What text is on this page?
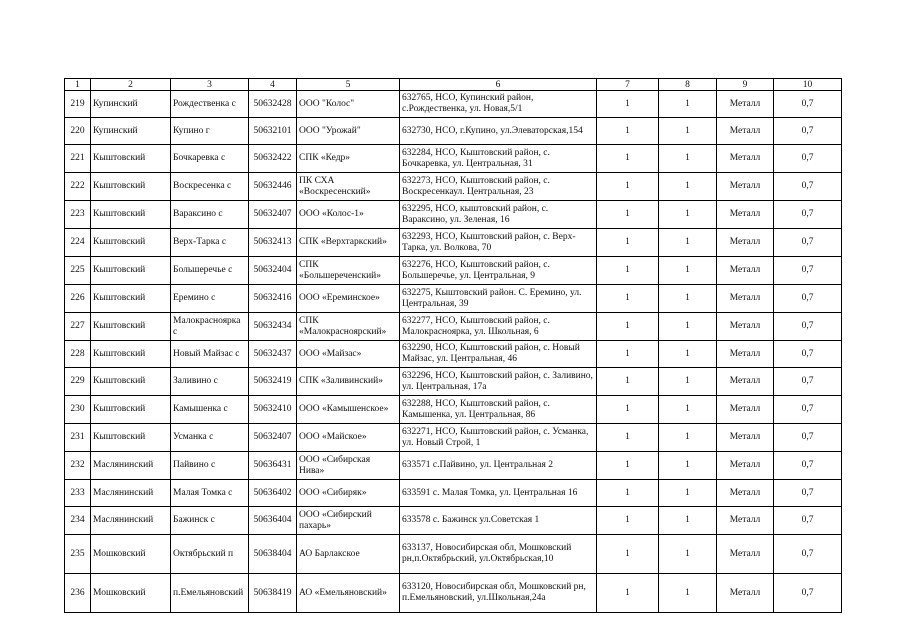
1	2	3	4	5	6	7	8	9	10
219	Купинский	Рождественка с	50632428	ООО "Колос"	632765, НСО, Купинский район, с.Рождественка, ул. Новая,5/1	1	1	Металл	0,7
220	Купинский	Купино г	50632101	ООО "Урожай"	632730, НСО, г.Купино, ул.Элеваторская,154	1	1	Металл	0,7
221	Кыштовский	Бочкаревка с	50632422	СПК «Кедр»	632284, НСО, Кыштовский район, с. Бочкаревка, ул. Центральная, 31	1	1	Металл	0,7
222	Кыштовский	Воскресенка с	50632446	ПК СХА «Воскресенский»	632273, НСО, Кыштовский район, с. Воскресенкаул. Центральная, 23	1	1	Металл	0,7
223	Кыштовский	Вараксино с	50632407	ООО «Колос-1»	632295, НСО, кыштовский район, с. Вараксино, ул. Зеленая, 16	1	1	Металл	0,7
224	Кыштовский	Верх-Тарка с	50632413	СПК «Верхтаркский»	632293, НСО, Кыштовский район, с. Верх-Тарка, ул. Волкова, 70	1	1	Металл	0,7
225	Кыштовский	Большеречье с	50632404	СПК «Большереченский»	632276, НСО, Кыштовский район, с. Большеречье, ул. Центральная, 9	1	1	Металл	0,7
226	Кыштовский	Еремино с	50632416	ООО «Ереминское»	632275, Кыштовский район. С. Еремино, ул. Центральная, 39	1	1	Металл	0,7
227	Кыштовский	Малокрасноярка с	50632434	СПК «Малокрасноярский»	632277, НСО, Кыштовский район, с. Малокрасноярка, ул. Школьная, 6	1	1	Металл	0,7
228	Кыштовский	Новый Майзас с	50632437	ООО «Майзас»	632290, НСО, Кыштовский район, с. Новый Майзас, ул. Центральная, 46	1	1	Металл	0,7
229	Кыштовский	Заливино с	50632419	СПК «Заливинский»	632296, НСО, Кыштовский район, с. Заливино, ул. Центральная, 17а	1	1	Металл	0,7
230	Кыштовский	Камышенка с	50632410	ООО «Камышенское»	632288, НСО, Кыштовский район, с. Камышенка, ул. Центральная, 86	1	1	Металл	0,7
231	Кыштовский	Усманка с	50632407	ООО «Майское»	632271, НСО, Кыштовский район, с. Усманка, ул. Новый Строй, 1	1	1	Металл	0,7
232	Маслянинский	Пайвино с	50636431	ООО «Сибирская Нива»	633571 с.Пайвино, ул. Центральная 2	1	1	Металл	0,7
233	Маслянинский	Малая Томка с	50636402	ООО «Сибиряк»	633591 с. Малая Томка, ул. Центральная 16	1	1	Металл	0,7
234	Маслянинский	Бажинск с	50636404	ООО «Сибирский пахарь»	633578 с. Бажинск ул.Советская 1	1	1	Металл	0,7
235	Мошковский	Октябрьский п	50638404	АО Барлакское	633137, Новосибирская обл, Мошковский рн,п.Октябрьский, ул.Октябрьская,10	1	1	Металл	0,7
236	Мошковский	п.Емельяновский	50638419	АО «Емельяновский»	633120, Новосибирская обл, Мошковский рн, п.Емельяновский, ул.Школьная,24а	1	1	Металл	0,7
